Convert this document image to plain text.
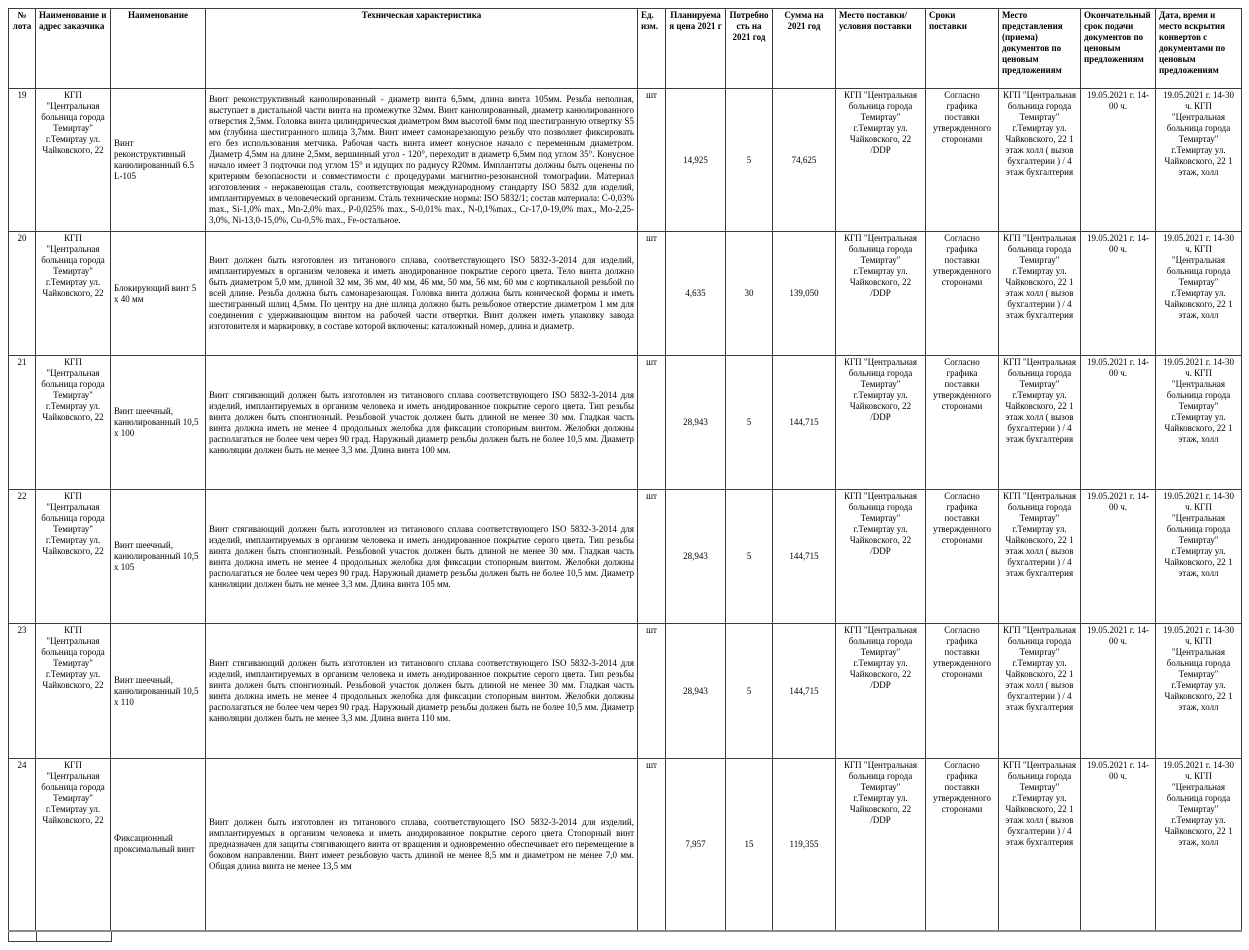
№ лота	Наименование и адрес заказчика	Наименование	Техническая характеристика	Ед. изм.	Планируемая цена 2021 г	Потребность на 2021 год	Сумма на 2021 год	Место поставки/условия поставки	Сроки поставки	Место представления (приема) документов по ценовым предложениям	Окончательный срок подачи документов по ценовым предложениям	Дата, время и место вскрытия конвертов с документами по ценовым предложениям
19	КГП "Центральная больница города Темиртау" г.Темиртау ул. Чайковского, 22	Винт реконструктивный канюлированный 6.5 L-105	Винт реконструктивный канюлированный - диаметр винта 6,5мм, длина винта 105мм. Резьба неполная, выступает в дистальной части винта на промежутке 32мм. Винт канюлированный, диаметр канюлированного отверстия 2,5мм. Головка винта цилиндрическая диаметром 8мм высотой 6мм под шестигранную отвертку S5 мм (глубина шестигранного шлица 3,7мм. Винт имеет самонарезающую резьбу что позволяет фиксировать его без использования метчика. Рабочая часть винта имеет конусное начало с переменным диаметром. Диаметр 4,5мм на длине 2,5мм, вершинный угол - 120°, переходит в диаметр 6,5мм под углом 35°. Конусное начало имеет 3 подточки под углом 15° и идущих по радиусу R20мм. Имплантаты должны быть оценены по критериям безопасности и совместимости с процедурами магнитно-резонансной томографии. Материал изготовления - нержавеющая сталь, соответствующая международному стандарту ISO 5832 для изделий, имплантируемых в человеческий организм. Сталь технические нормы: ISO 5832/1; состав материала: C-0,03% max., Si-1,0% max., Mn-2,0% max., P-0,025% max., S-0,01% max., N-0,1%max., Cr-17,0-19,0% max., Mo-2,25-3,0%, Ni-13,0-15,0%, Cu-0,5% max., Fe-остальное.	шт	14,925	5	74,625	КГП "Центральная больница города Темиртау" г.Темиртау ул. Чайковского, 22 /DDP	Согласно графика поставки утвержденного сторонами	КГП "Центральная больница города Темиртау" г.Темиртау ул. Чайковского, 22 1 этаж холл ( вызов бухгалтерии ) / 4 этаж бухгалтерия	19.05.2021 г. 14-00 ч.	19.05.2021 г. 14-30 ч. КГП "Центральная больница города Темиртау" г.Темиртау ул. Чайковского, 22 1 этаж, холл
20	КГП "Центральная больница города Темиртау" г.Темиртау ул. Чайковского, 22	Блокирующий винт 5 х 40 мм	Винт должен быть изготовлен из титанового сплава, соответствующего ISO 5832-3-2014 для изделий, имплантируемых в организм человека и иметь анодированное покрытие серого цвета. Тело винта должно быть диаметром 5,0 мм, длиной 32 мм, 36 мм, 40 мм, 46 мм, 50 мм, 56 мм, 60 мм с кортикальной резьбой по всей длине. Резьба должна быть самонарезающая. Головка винта должна быть конической формы и иметь шестигранный шлиц 4,5мм. По центру на дне шлица должно быть резьбовое отверстие диаметром 1 мм для соединения с удерживающим винтом на рабочей части отвертки. Винт должен иметь упаковку завода изготовителя и маркировку, в составе которой включены: каталожный номер, длина и диаметр.	шт	4,635	30	139,050	КГП "Центральная больница города Темиртау" г.Темиртау ул. Чайковского, 22 /DDP	Согласно графика поставки утвержденного сторонами	КГП "Центральная больница города Темиртау" г.Темиртау ул. Чайковского, 22 1 этаж холл ( вызов бухгалтерии ) / 4 этаж бухгалтерия	19.05.2021 г. 14-00 ч.	19.05.2021 г. 14-30 ч. КГП "Центральная больница города Темиртау" г.Темиртау ул. Чайковского, 22 1 этаж, холл
21	КГП "Центральная больница города Темиртау" г.Темиртау ул. Чайковского, 22	Винт шеечный, канюлированный 10,5 х 100	Винт стягивающий должен быть изготовлен из титанового сплава соответствующего ISO 5832-3-2014 для изделий, имплантируемых в организм человека и иметь анодированное покрытие серого цвета. Тип резьбы винта должен быть спонгиозный. Резьбовой участок должен быть длиной не менее 30 мм. Гладкая часть винта должна иметь не менее 4 продольных желобка для фиксации стопорным винтом. Желобки должны располагаться не более чем через 90 град. Наружный диаметр резьбы должен быть не более 10,5 мм. Диаметр канюляции должен быть не менее 3,3 мм. Длина винта 100 мм.	шт	28,943	5	144,715	КГП "Центральная больница города Темиртау" г.Темиртау ул. Чайковского, 22 /DDP	Согласно графика поставки утвержденного сторонами	КГП "Центральная больница города Темиртау" г.Темиртау ул. Чайковского, 22 1 этаж холл ( вызов бухгалтерии ) / 4 этаж бухгалтерия	19.05.2021 г. 14-00 ч.	19.05.2021 г. 14-30 ч. КГП "Центральная больница города Темиртау" г.Темиртау ул. Чайковского, 22 1 этаж, холл
22	КГП "Центральная больница города Темиртау" г.Темиртау ул. Чайковского, 22	Винт шеечный, канюлированный 10,5 х 105	Винт стягивающий должен быть изготовлен из титанового сплава соответствующего ISO 5832-3-2014 для изделий, имплантируемых в организм человека и иметь анодированное покрытие серого цвета. Тип резьбы винта должен быть спонгиозный. Резьбовой участок должен быть длиной не менее 30 мм. Гладкая часть винта должна иметь не менее 4 продольных желобка для фиксации стопорным винтом. Желобки должны располагаться не более чем через 90 град. Наружный диаметр резьбы должен быть не более 10,5 мм. Диаметр канюляции должен быть не менее 3,3 мм. Длина винта 105 мм.	шт	28,943	5	144,715	КГП "Центральная больница города Темиртау" г.Темиртау ул. Чайковского, 22 /DDP	Согласно графика поставки утвержденного сторонами	КГП "Центральная больница города Темиртау" г.Темиртау ул. Чайковского, 22 1 этаж холл ( вызов бухгалтерии ) / 4 этаж бухгалтерия	19.05.2021 г. 14-00 ч.	19.05.2021 г. 14-30 ч. КГП "Центральная больница города Темиртау" г.Темиртау ул. Чайковского, 22 1 этаж, холл
23	КГП "Центральная больница города Темиртау" г.Темиртау ул. Чайковского, 22	Винт шеечный, канюлированный 10,5 х 110	Винт стягивающий должен быть изготовлен из титанового сплава соответствующего ISO 5832-3-2014 для изделий, имплантируемых в организм человека и иметь анодированное покрытие серого цвета. Тип резьбы винта должен быть спонгиозный. Резьбовой участок должен быть длиной не менее 30 мм. Гладкая часть винта должна иметь не менее 4 продольных желобка для фиксации стопорным винтом. Желобки должны располагаться не более чем через 90 град. Наружный диаметр резьбы должен быть не более 10,5 мм. Диаметр канюляции должен быть не менее 3,3 мм. Длина винта 110 мм.	шт	28,943	5	144,715	КГП "Центральная больница города Темиртау" г.Темиртау ул. Чайковского, 22 /DDP	Согласно графика поставки утвержденного сторонами	КГП "Центральная больница города Темиртау" г.Темиртау ул. Чайковского, 22 1 этаж холл ( вызов бухгалтерии ) / 4 этаж бухгалтерия	19.05.2021 г. 14-00 ч.	19.05.2021 г. 14-30 ч. КГП "Центральная больница города Темиртау" г.Темиртау ул. Чайковского, 22 1 этаж, холл
24	КГП "Центральная больница города Темиртау" г.Темиртау ул. Чайковского, 22	Фиксационный проксимальный винт	Винт должен быть изготовлен из титанового сплава, соответствующего ISO 5832-3-2014 для изделий, имплантируемых в организм человека и иметь анодированное покрытие серого цвета Стопорный винт предназначен для защиты стягивающего винта от вращения и одновременно обеспечивает его перемещение в боковом направлении. Винт имеет резьбовую часть длиной не менее 8,5 мм и диаметром не менее 7,0 мм. Общая длина винта не менее 13,5 мм	шт	7,957	15	119,355	КГП "Центральная больница города Темиртау" г.Темиртау ул. Чайковского, 22 /DDP	Согласно графика поставки утвержденного сторонами	КГП "Центральная больница города Темиртау" г.Темиртау ул. Чайковского, 22 1 этаж холл ( вызов бухгалтерии ) / 4 этаж бухгалтерия	19.05.2021 г. 14-00 ч.	19.05.2021 г. 14-30 ч. КГП "Центральная больница города Темиртау" г.Темиртау ул. Чайковского, 22 1 этаж, холл
